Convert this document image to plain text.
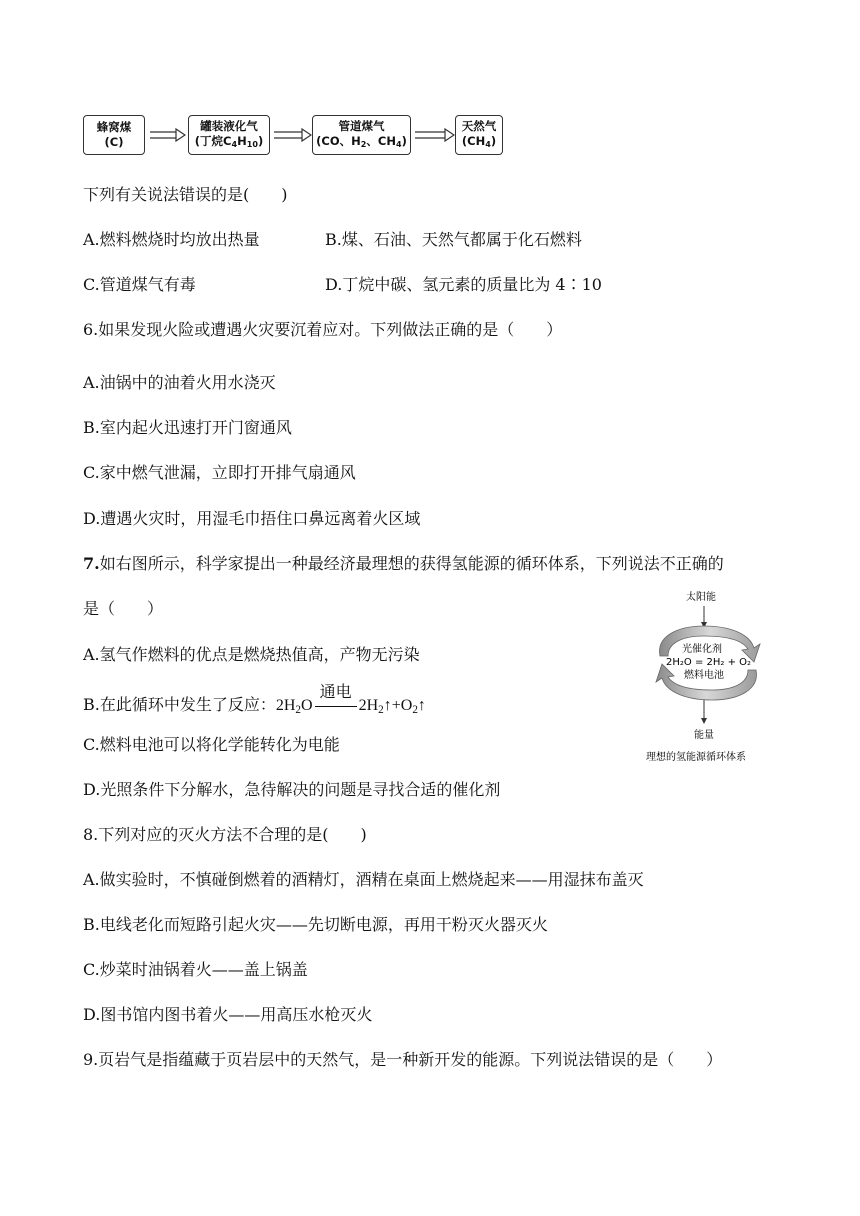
蜂窝煤
(C)
罐装液化气
(丁烷$C_4H_{10}$)
管道煤气
(CO、$H_2$、$CH_4$)
天然气
$(CH_4)$
下列有关说法错误的是(　　)
A.燃料燃烧时均放出热量	B.煤、石油、天然气都属于化石燃料
C.管道煤气有毒	D.丁烷中碳、氢元素的质量比为 4∶10
6.如果发现火险或遭遇火灾要沉着应对。下列做法正确的是（　　）
A.油锅中的油着火用水浇灭
B.室内起火迅速打开门窗通风
C.家中燃气泄漏，立即打开排气扇通风
D.遭遇火灾时，用湿毛巾捂住口鼻远离着火区域
7.如右图所示，科学家提出一种最经济最理想的获得氢能源的循环体系，下列说法不正确的
是（　　）
A.氢气作燃料的优点是燃烧热值高，产物无污染
B.在此循环中发生了反应：$2H_2O$
通电
$2H_2↑+O_2↑$
C.燃料电池可以将化学能转化为电能
D.光照条件下分解水，急待解决的问题是寻找合适的催化剂
太阳能
光催化剂
2H₂O = 2H₂ + O₂
燃料电池
能量
理想的氢能源循环体系
8.下列对应的灭火方法不合理的是(　　)
A.做实验时，不慎碰倒燃着的酒精灯，酒精在桌面上燃烧起来——用湿抹布盖灭
B.电线老化而短路引起火灾——先切断电源，再用干粉灭火器灭火
C.炒菜时油锅着火——盖上锅盖
D.图书馆内图书着火——用高压水枪灭火
9.页岩气是指蕴藏于页岩层中的天然气，是一种新开发的能源。下列说法错误的是（　　）
